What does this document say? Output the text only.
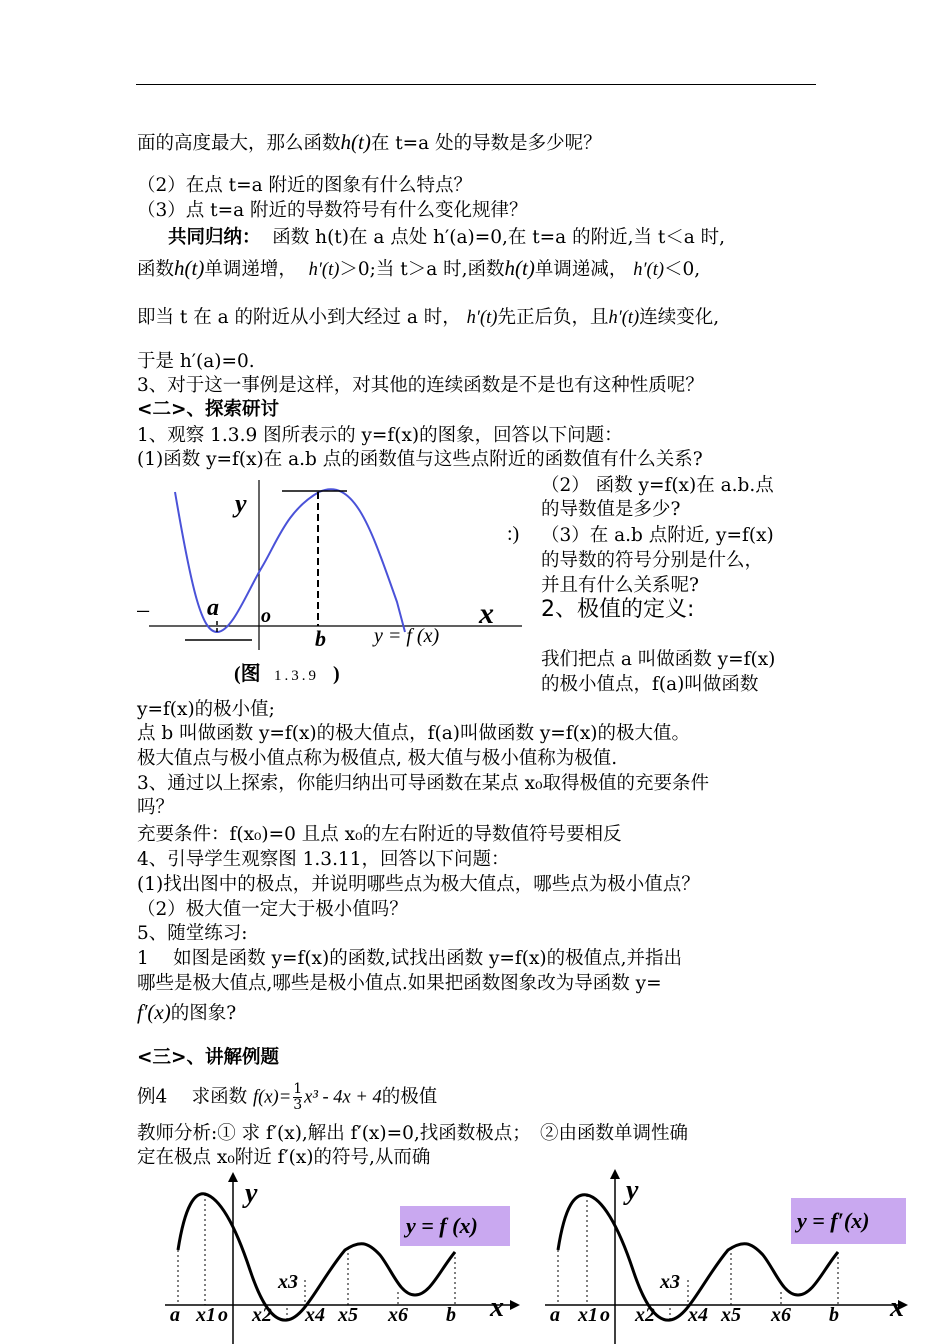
面的高度最大，那么函数h(t)在 t=a 处的导数是多少呢？
（2）在点 t=a 附近的图象有什么特点？
（3）点 t=a 附近的导数符号有什么变化规律？
共同归纳： 函数 h(t)在 a 点处 h′(a)=0,在 t=a 的附近,当 t＜a 时,
函数h(t)单调递增， h′(t)＞0;当 t＞a 时,函数h(t)单调递减， h′(t)＜0,
即当 t 在 a 的附近从小到大经过 a 时， h′(t)先正后负，且h′(t)连续变化,
于是 h′(a)=0.
3、对于这一事例是这样，对其他的连续函数是不是也有这种性质呢？
<二>、探索研讨
1、观察 1.3.9 图所表示的 y=f(x)的图象，回答以下问题：
(1)函数 y=f(x)在 a.b 点的函数值与这些点附近的函数值有什么关系?
–
y
a o
b
x
y = f (x)
:)
(图 1.3.9 )
（2） 函数 y=f(x)在 a.b.点
的导数值是多少?
（3）在 a.b 点附近, y=f(x)
的导数的符号分别是什么，
并且有什么关系呢?
2、极值的定义:
我们把点 a 叫做函数 y=f(x)
的极小值点，f(a)叫做函数
y=f(x)的极小值;
点 b 叫做函数 y=f(x)的极大值点，f(a)叫做函数 y=f(x)的极大值。
极大值点与极小值点称为极值点, 极大值与极小值称为极值.
3、通过以上探索，你能归纳出可导函数在某点 x₀取得极值的充要条件
吗？
充要条件：f(x₀)=0 且点 x₀的左右附近的导数值符号要相反
4、引导学生观察图 1.3.11，回答以下问题：
(1)找出图中的极点，并说明哪些点为极大值点，哪些点为极小值点？
（2）极大值一定大于极小值吗？
5、随堂练习:
1　 如图是函数 y=f(x)的函数,试找出函数 y=f(x)的极值点,并指出
哪些是极大值点,哪些是极小值点.如果把函数图象改为导函数 y=
f′(x)的图象?
<三>、讲解例题
例4　 求函数 $f(x)= \frac{1}{3} x^3 - 4x + 4$的极值
教师分析:① 求 f′(x),解出 f′(x)=0,找函数极点；　②由函数单调性确
定在极点 x₀附近 f′(x)的符号,从而确
y = f (x)
y
x
a x1 o x2
x3
x4 x5 x6 b
y = f′(x)
y
x
a x1 o x2
x3
x4 x5 x6 b
